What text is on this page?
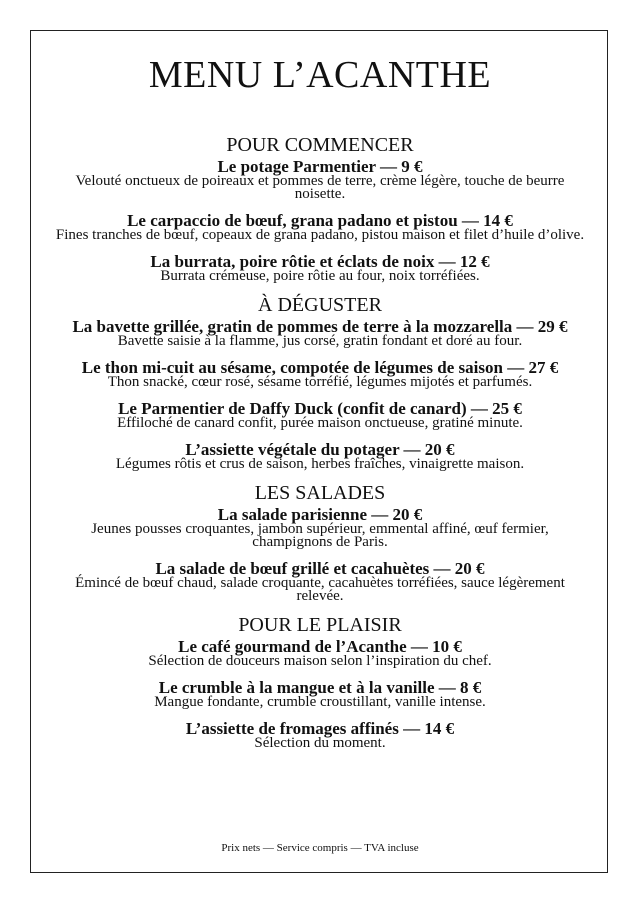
MENU L’ACANTHE
POUR COMMENCER
Le potage Parmentier — 9 €
Velouté onctueux de poireaux et pommes de terre, crème légère, touche de beurre noisette.
Le carpaccio de bœuf, grana padano et pistou — 14 €
Fines tranches de bœuf, copeaux de grana padano, pistou maison et filet d’huile d’olive.
La burrata, poire rôtie et éclats de noix — 12 €
Burrata crémeuse, poire rôtie au four, noix torréfiées.
À DÉGUSTER
La bavette grillée, gratin de pommes de terre à la mozzarella — 29 €
Bavette saisie à la flamme, jus corsé, gratin fondant et doré au four.
Le thon mi-cuit au sésame, compotée de légumes de saison — 27 €
Thon snacké, cœur rosé, sésame torréfié, légumes mijotés et parfumés.
Le Parmentier de Daffy Duck (confit de canard) — 25 €
Effiloché de canard confit, purée maison onctueuse, gratiné minute.
L’assiette végétale du potager — 20 €
Légumes rôtis et crus de saison, herbes fraîches, vinaigrette maison.
LES SALADES
La salade parisienne — 20 €
Jeunes pousses croquantes, jambon supérieur, emmental affiné, œuf fermier, champignons de Paris.
La salade de bœuf grillé et cacahuètes — 20 €
Émincé de bœuf chaud, salade croquante, cacahuètes torréfiées, sauce légèrement relevée.
POUR LE PLAISIR
Le café gourmand de l’Acanthe — 10 €
Sélection de douceurs maison selon l’inspiration du chef.
Le crumble à la mangue et à la vanille — 8 €
Mangue fondante, crumble croustillant, vanille intense.
L’assiette de fromages affinés — 14 €
Sélection du moment.
Prix nets — Service compris — TVA incluse
